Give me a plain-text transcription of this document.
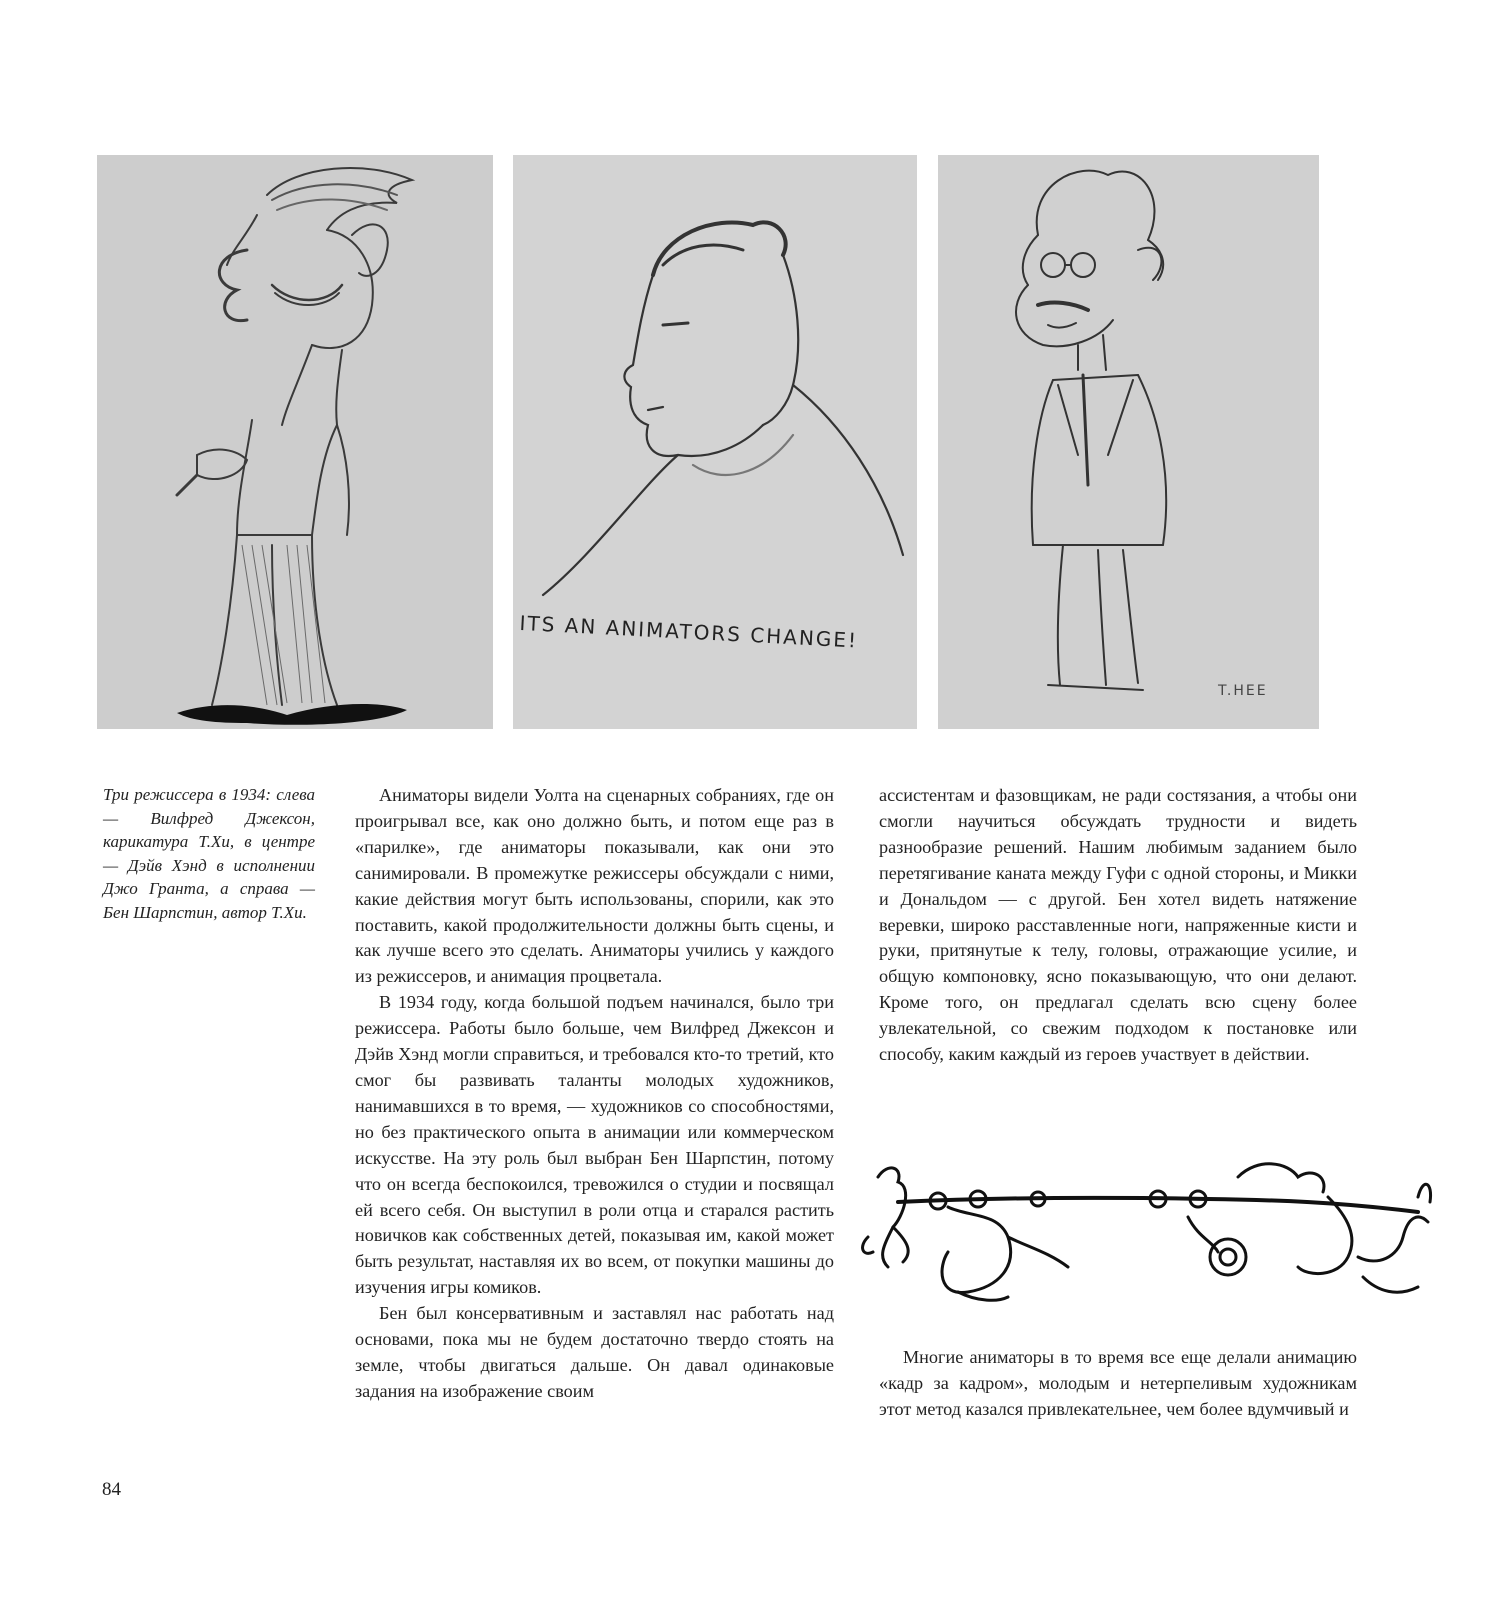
ITS AN ANIMATORS CHANGE!
T.HEE
Три режиссера в 1934: слева — Вилфред Джексон, карикатура Т.Хи, в центре — Дэйв Хэнд в исполнении Джо Гранта, а справа — Бен Шарпстин, автор Т.Хи.

Аниматоры видели Уолта на сценарных собраниях, где он проигрывал все, как оно должно быть, и потом еще раз в «парилке», где аниматоры показывали, как они это санимировали. В промежутке режиссеры обсуждали с ними, какие действия могут быть использованы, спорили, как это поставить, какой продолжительности должны быть сцены, и как лучше всего это сделать. Аниматоры учились у каждого из режиссеров, и анимация процветала.

В 1934 году, когда большой подъем начинался, было три режиссера. Работы было больше, чем Вилфред Джексон и Дэйв Хэнд могли справиться, и требовался кто-то третий, кто смог бы развивать таланты молодых художников, нанимавшихся в то время, — художников со способностями, но без практического опыта в анимации или коммерческом искусстве. На эту роль был выбран Бен Шарпстин, потому что он всегда беспокоился, тревожился о студии и посвящал ей всего себя. Он выступил в роли отца и старался растить новичков как собственных детей, показывая им, какой может быть результат, наставляя их во всем, от покупки машины до изучения игры комиков.

Бен был консервативным и заставлял нас работать над основами, пока мы не будем достаточно твердо стоять на земле, чтобы двигаться дальше. Он давал одинаковые задания на изображение своим

ассистентам и фазовщикам, не ради состязания, а чтобы они смогли научиться обсуждать трудности и видеть разнообразие решений. Нашим любимым заданием было перетягивание каната между Гуфи с одной стороны, и Микки и Дональдом — с другой. Бен хотел видеть натяжение веревки, широко расставленные ноги, напряженные кисти и руки, притянутые к телу, головы, отражающие усилие, и общую компоновку, ясно показывающую, что они делают. Кроме того, он предлагал сделать всю сцену более увлекательной, со свежим подходом к постановке или способу, каким каждый из героев участвует в действии.

Многие аниматоры в то время все еще делали анимацию «кадр за кадром», молодым и нетерпеливым художникам этот метод казался привлекательнее, чем более вдумчивый и

84
